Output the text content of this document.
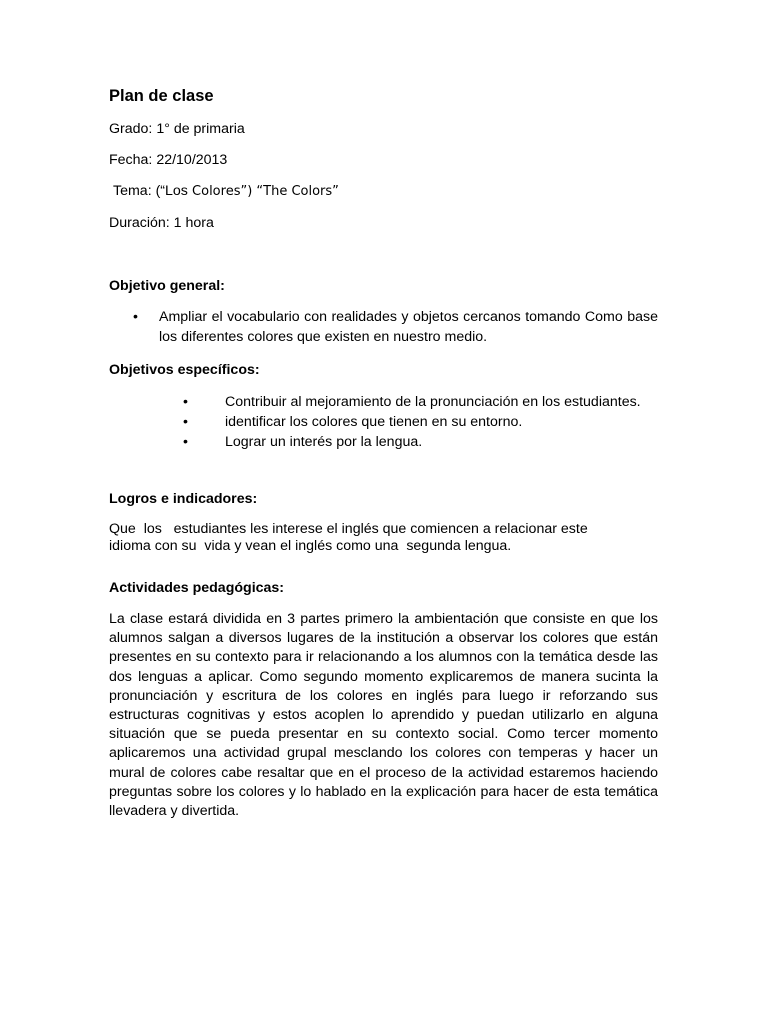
Plan de clase

Grado: 1° de primaria

Fecha: 22/10/2013

Tema: (“Los Colores”) “The Colors”

Duración: 1 hora

Objetivo general:
• Ampliar el vocabulario con realidades y objetos cercanos tomando Como base los diferentes colores que existen en nuestro medio.
Objetivos específicos:
•	Contribuir al mejoramiento de la pronunciación en los estudiantes.
•	identificar los colores que tienen en su entorno.
•	Lograr un interés por la lengua.
Logros e indicadores:

Que  los   estudiantes les interese el inglés que comiencen a relacionar este
idioma con su  vida y vean el inglés como una  segunda lengua.

Actividades pedagógicas:

La clase estará dividida en 3 partes primero la ambientación que consiste en que los alumnos salgan a diversos lugares de la institución a observar los colores que están presentes en su contexto para ir relacionando a los alumnos con la temática desde las dos lenguas a aplicar. Como segundo momento explicaremos de manera sucinta la pronunciación y escritura de los colores en inglés para luego ir reforzando sus estructuras cognitivas y estos acoplen lo aprendido y puedan utilizarlo en alguna situación que se pueda presentar en su contexto social. Como tercer momento aplicaremos una actividad grupal mesclando los colores con temperas y hacer un mural de colores cabe resaltar que en el proceso de la actividad estaremos haciendo preguntas sobre los colores y lo hablado en la explicación para hacer de esta temática llevadera y divertida.
